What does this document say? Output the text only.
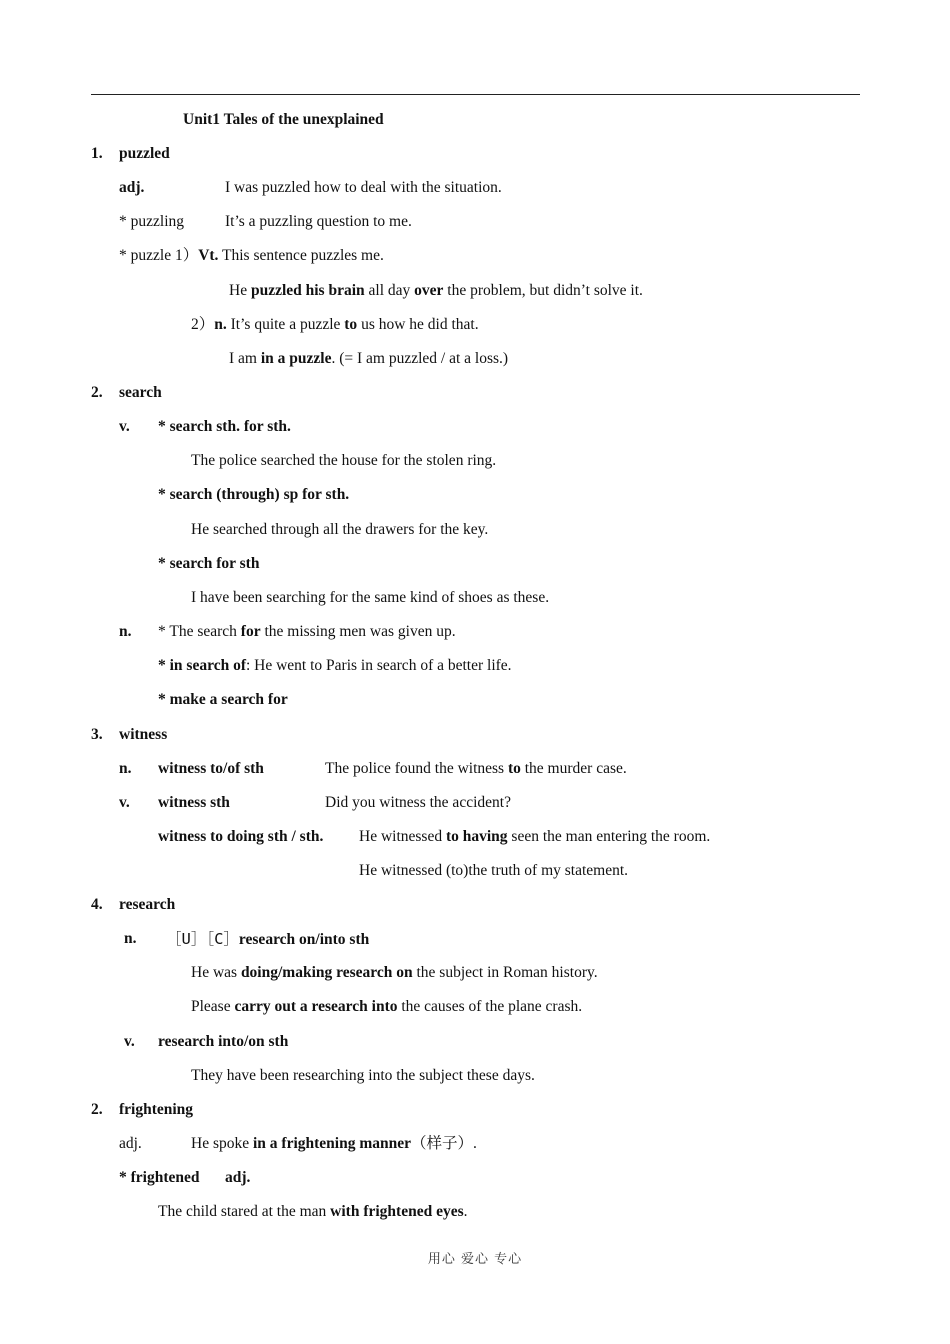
Unit1 Tales of the unexplained
1. puzzled
adj.	I was puzzled how to deal with the situation.
* puzzling	It’s a puzzling question to me.
* puzzle 1）Vt. This sentence puzzles me.
He puzzled his brain all day over the problem, but didn’t solve it.
2）n. It’s quite a puzzle to us how he did that.
I am in a puzzle. (= I am puzzled / at a loss.)
2. search
v. * search sth. for sth.
The police searched the house for the stolen ring.
* search (through) sp for sth.
He searched through all the drawers for the key.
* search for sth
I have been searching for the same kind of shoes as these.
n. * The search for the missing men was given up.
* in search of: He went to Paris in search of a better life.
* make a search for
3. witness
n. witness to/of sth	The police found the witness to the murder case.
v. witness sth	Did you witness the accident?
witness to doing sth / sth. He witnessed to having seen the man entering the room.
He witnessed (to)the truth of my statement.
4. research
n. ［U］［C］research on/into sth
He was doing/making research on the subject in Roman history.
Please carry out a research into the causes of the plane crash.
v. research into/on sth
They have been researching into the subject these days.
2. frightening
adj.	He spoke in a frightening manner（样子）.
* frightened adj.
The child stared at the man with frightened eyes.
用心 爱心 专心
